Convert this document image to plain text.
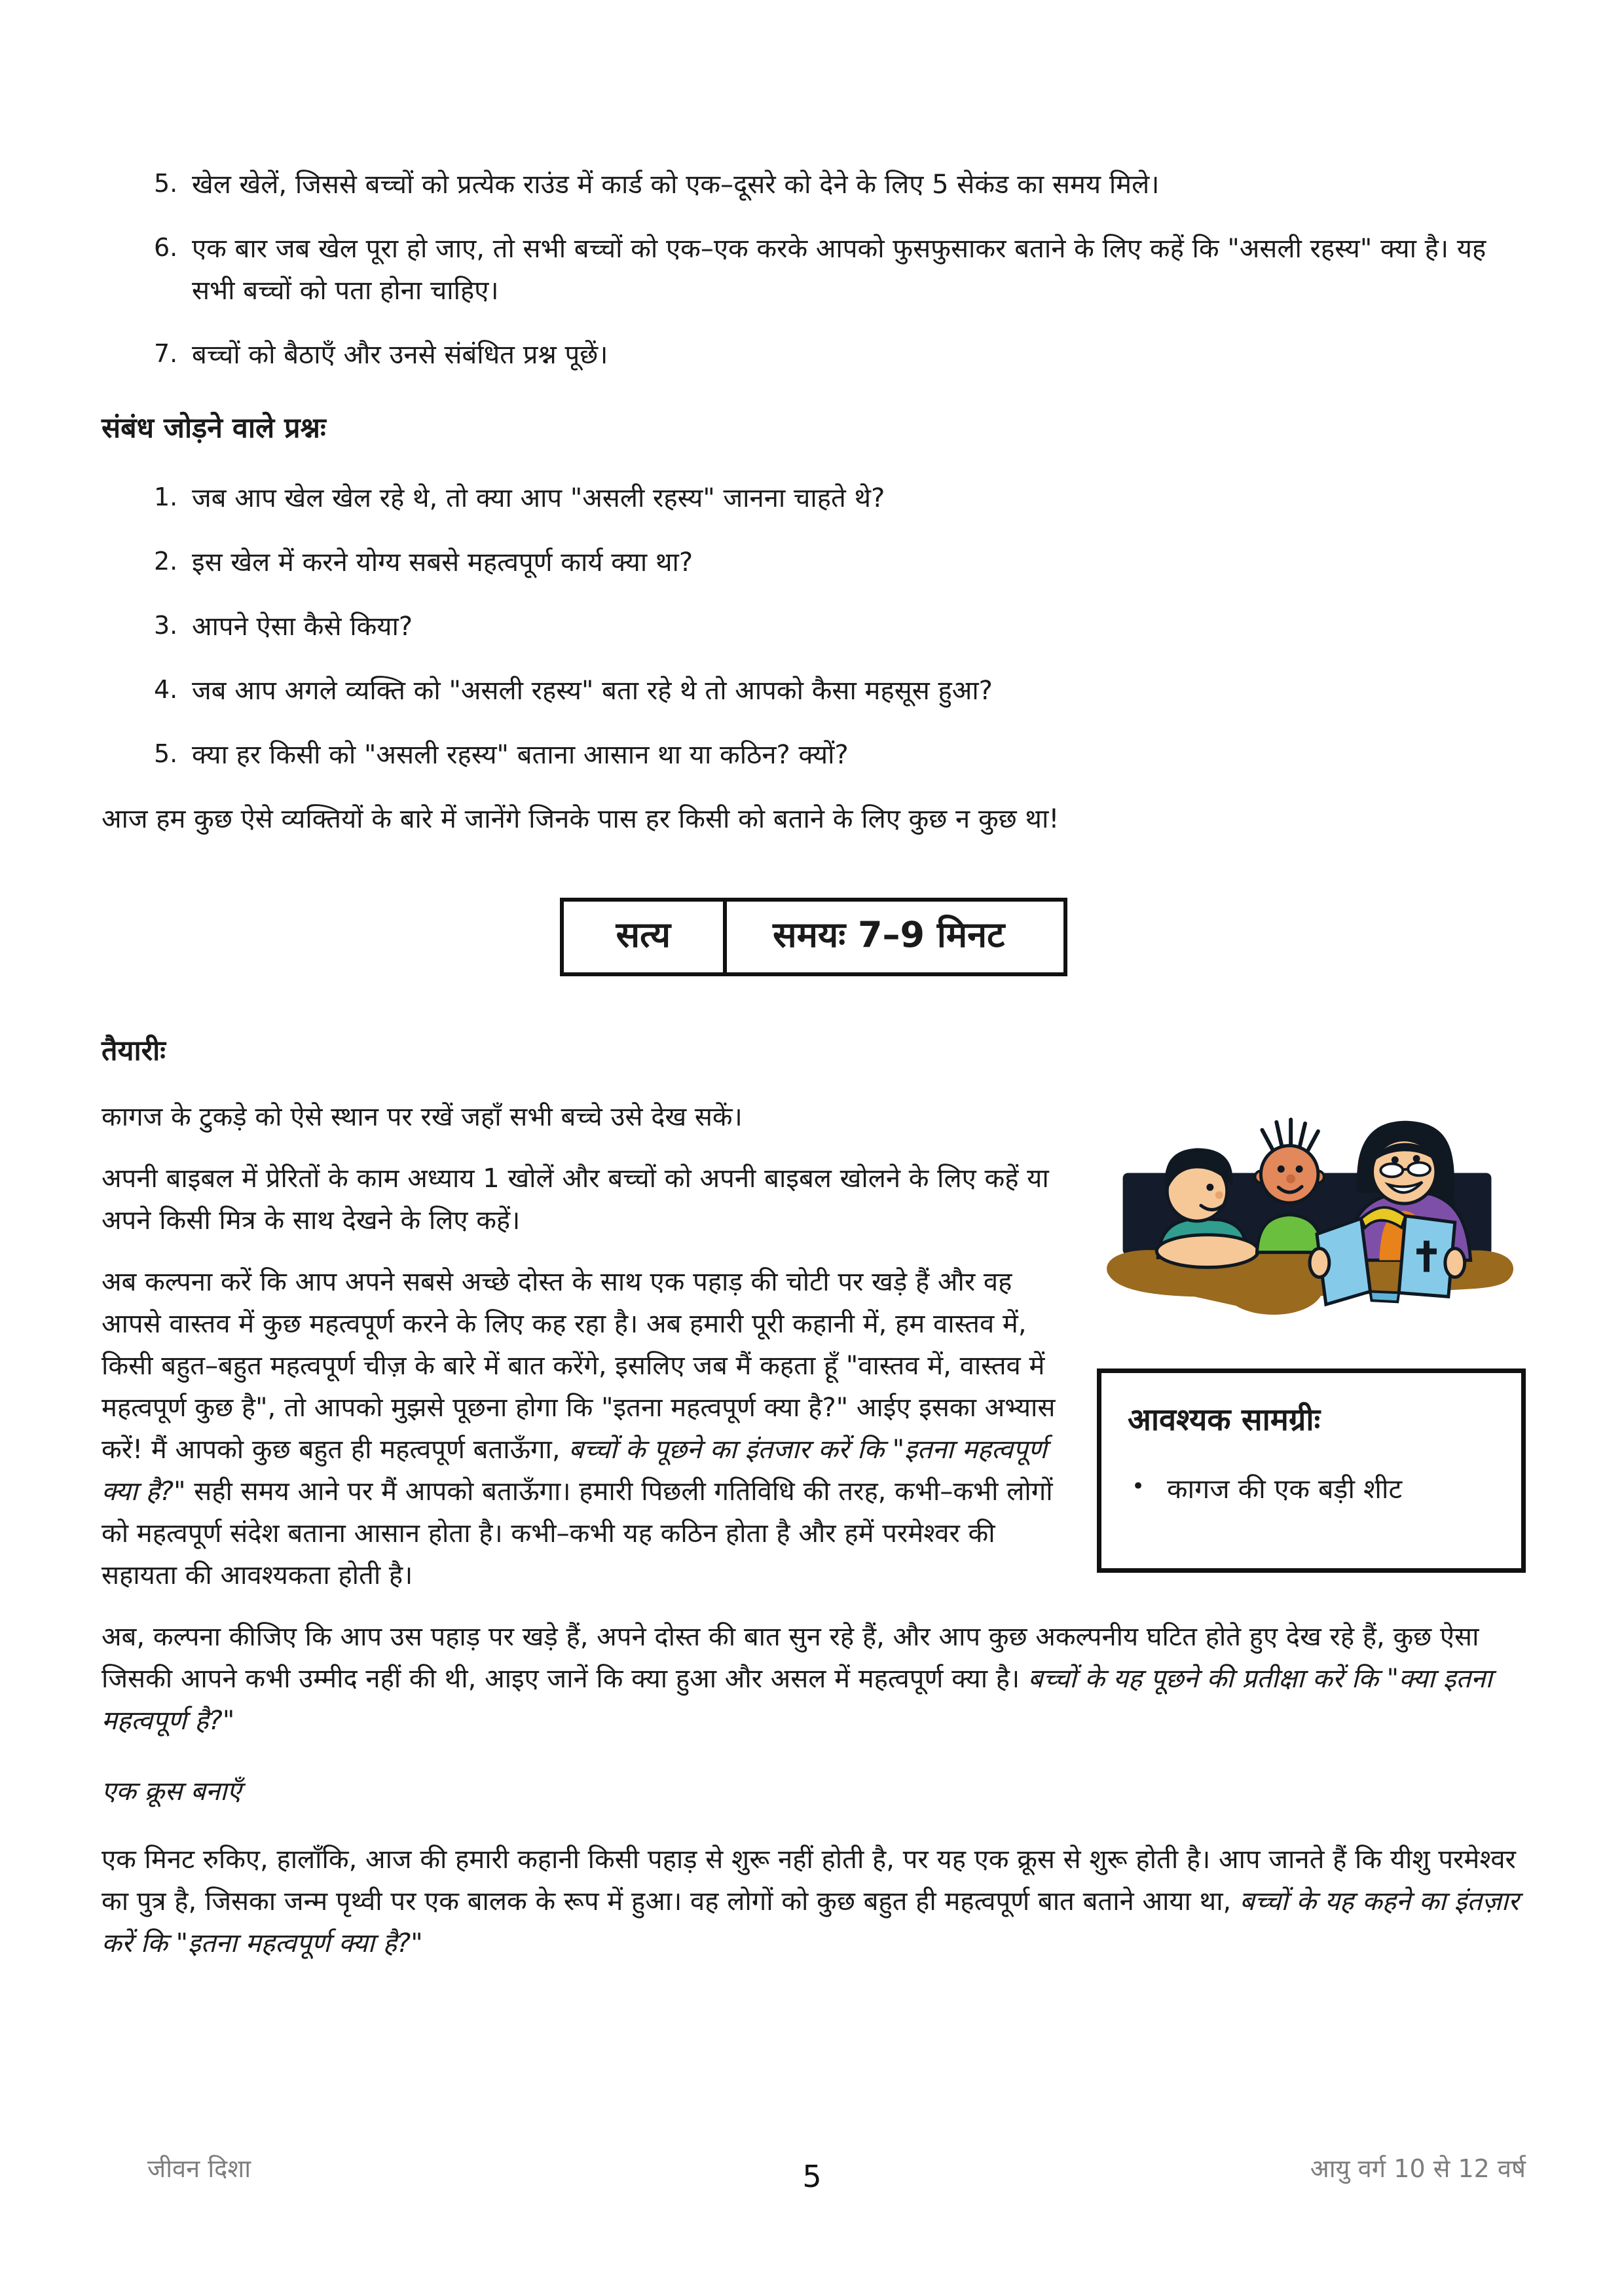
5. खेल खेलें, जिससे बच्चों को प्रत्येक राउंड में कार्ड को एक–दूसरे को देने के लिए 5 सेकंड का समय मिले।
6. एक बार जब खेल पूरा हो जाए, तो सभी बच्चों को एक–एक करके आपको फुसफुसाकर बताने के लिए कहें कि "असली रहस्य" क्या है। यह सभी बच्चों को पता होना चाहिए।
7. बच्चों को बैठाएँ और उनसे संबंधित प्रश्न पूछें।
संबंध जोड़ने वाले प्रश्नः
1. जब आप खेल खेल रहे थे, तो क्या आप "असली रहस्य" जानना चाहते थे?
2. इस खेल में करने योग्य सबसे महत्वपूर्ण कार्य क्या था?
3. आपने ऐसा कैसे किया?
4. जब आप अगले व्यक्ति को "असली रहस्य" बता रहे थे तो आपको कैसा महसूस हुआ?
5. क्या हर किसी को "असली रहस्य" बताना आसान था या कठिन? क्यों?

आज हम कुछ ऐसे व्यक्तियों के बारे में जानेंगे जिनके पास हर किसी को बताने के लिए कुछ न कुछ था!

सत्य	समयः 7–9 मिनट
तैयारीः
आवश्यक सामग्रीः
• कागज की एक बड़ी शीट

कागज के टुकड़े को ऐसे स्थान पर रखें जहाँ सभी बच्चे उसे देख सकें।

अपनी बाइबल में प्रेरितों के काम अध्याय 1 खोलें और बच्चों को अपनी बाइबल खोलने के लिए कहें या अपने किसी मित्र के साथ देखने के लिए कहें।

अब कल्पना करें कि आप अपने सबसे अच्छे दोस्त के साथ एक पहाड़ की चोटी पर खड़े हैं और वह आपसे वास्तव में कुछ महत्वपूर्ण करने के लिए कह रहा है। अब हमारी पूरी कहानी में, हम वास्तव में, किसी बहुत–बहुत महत्वपूर्ण चीज़ के बारे में बात करेंगे, इसलिए जब मैं कहता हूँ "वास्तव में, वास्तव में महत्वपूर्ण कुछ है", तो आपको मुझसे पूछना होगा कि "इतना महत्वपूर्ण क्या है?" आईए इसका अभ्यास करें! मैं आपको कुछ बहुत ही महत्वपूर्ण बताऊँगा, बच्चों के पूछने का इंतजार करें कि "इतना महत्वपूर्ण क्या है?" सही समय आने पर मैं आपको बताऊँगा। हमारी पिछली गतिविधि की तरह, कभी–कभी लोगों को महत्वपूर्ण संदेश बताना आसान होता है। कभी–कभी यह कठिन होता है और हमें परमेश्वर की सहायता की आवश्यकता होती है।

अब, कल्पना कीजिए कि आप उस पहाड़ पर खड़े हैं, अपने दोस्त की बात सुन रहे हैं, और आप कुछ अकल्पनीय घटित होते हुए देख रहे हैं, कुछ ऐसा जिसकी आपने कभी उम्मीद नहीं की थी, आइए जानें कि क्या हुआ और असल में महत्वपूर्ण क्या है। बच्चों के यह पूछने की प्रतीक्षा करें कि "क्या इतना महत्वपूर्ण है?"

एक क्रूस बनाएँ

एक मिनट रुकिए, हालाँकि, आज की हमारी कहानी किसी पहाड़ से शुरू नहीं होती है, पर यह एक क्रूस से शुरू होती है। आप जानते हैं कि यीशु परमेश्वर का पुत्र है, जिसका जन्म पृथ्वी पर एक बालक के रूप में हुआ। वह लोगों को कुछ बहुत ही महत्वपूर्ण बात बताने आया था, बच्चों के यह कहने का इंतज़ार करें कि "इतना महत्वपूर्ण क्या है?"

जीवन दिशा	5	आयु वर्ग 10 से 12 वर्ष
